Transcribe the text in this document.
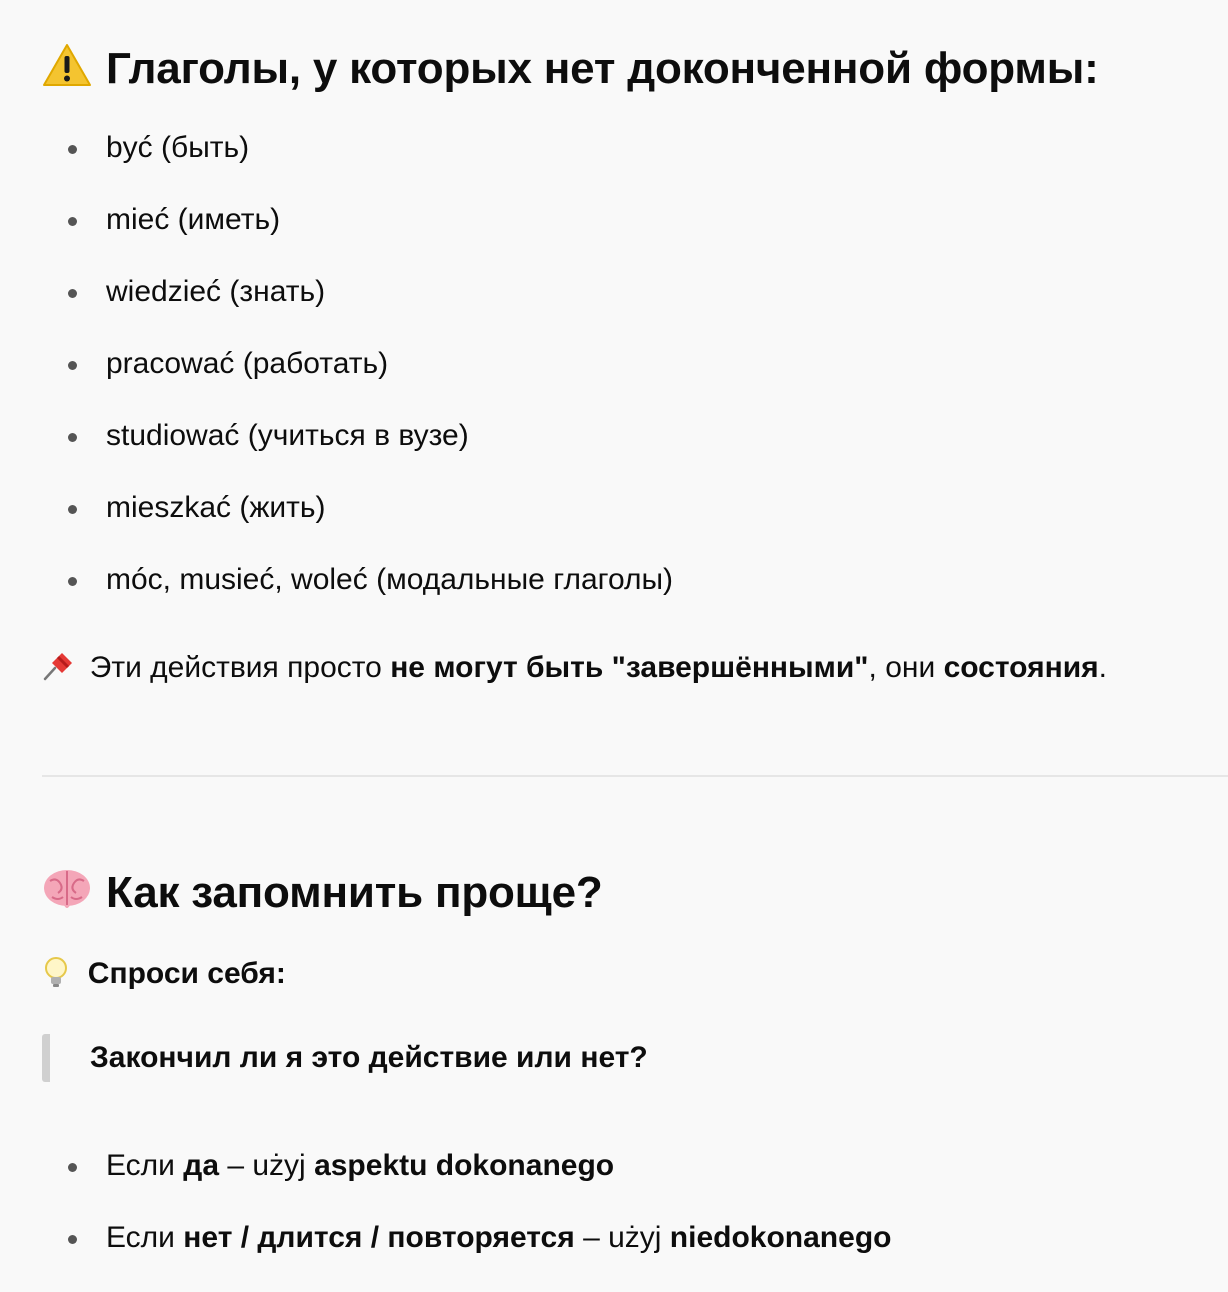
Глаголы, у которых нет доконченной формы:
być (быть)
mieć (иметь)
wiedzieć (знать)
pracować (работать)
studiować (учиться в вузе)
mieszkać (жить)
móc, musieć, woleć (модальные глаголы)
Эти действия просто не могут быть "завершёнными", они состояния.
Как запомнить проще?
Спроси себя:
Закончил ли я это действие или нет?
Если да – użyj aspektu dokonanego
Если нет / длится / повторяется – użyj niedokonanego
